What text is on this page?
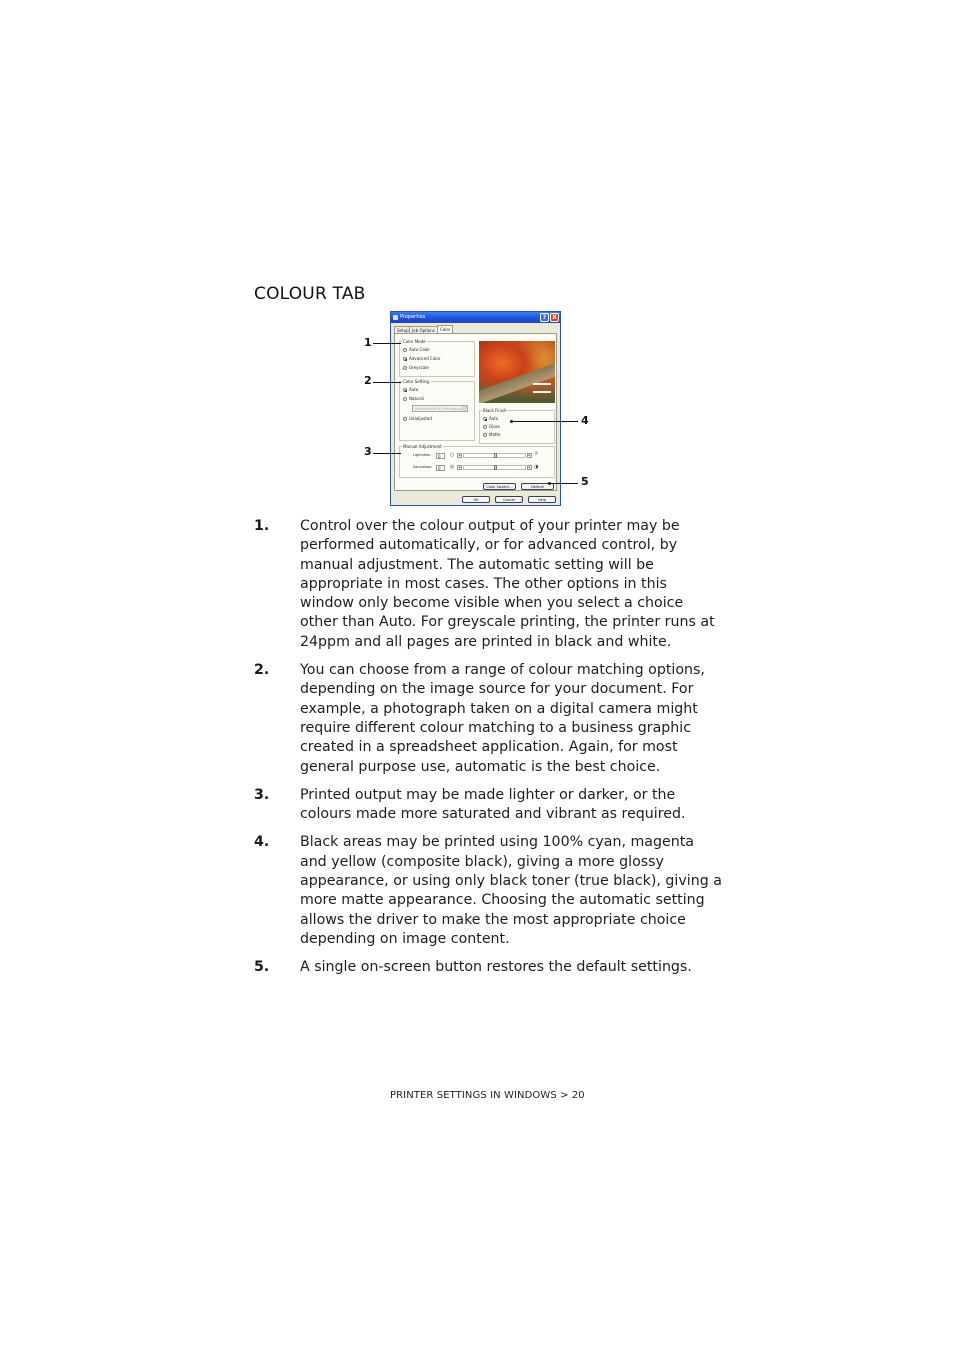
COLOUR TAB
Properties	? X
Setup Job Options	Color
Color Mode
Auto Color
Advanced Color
Greyscale
Color Setting
Auto
Natural
Monitor(6500K) Perceptual
Unadjusted
Black Finish
Auto
Gloss
Matte
Manual Adjustment
Lightness:	0	○	◂	▸ ☼
Saturation:	0	◎	◂	▸ ◑
Color Swatch...	Default
OK	Cancel	Help
1
2
3
4
5
1. Control over the colour output of your printer may be performed automatically, or for advanced control, by manual adjustment. The automatic setting will be appropriate in most cases. The other options in this window only become visible when you select a choice other than Auto. For greyscale printing, the printer runs at 24ppm and all pages are printed in black and white.
2. You can choose from a range of colour matching options, depending on the image source for your document. For example, a photograph taken on a digital camera might require different colour matching to a business graphic created in a spreadsheet application. Again, for most general purpose use, automatic is the best choice.
3. Printed output may be made lighter or darker, or the colours made more saturated and vibrant as required.
4. Black areas may be printed using 100% cyan, magenta and yellow (composite black), giving a more glossy appearance, or using only black toner (true black), giving a more matte appearance. Choosing the automatic setting allows the driver to make the most appropriate choice depending on image content.
5. A single on-screen button restores the default settings.
PRINTER SETTINGS IN WINDOWS > 20
